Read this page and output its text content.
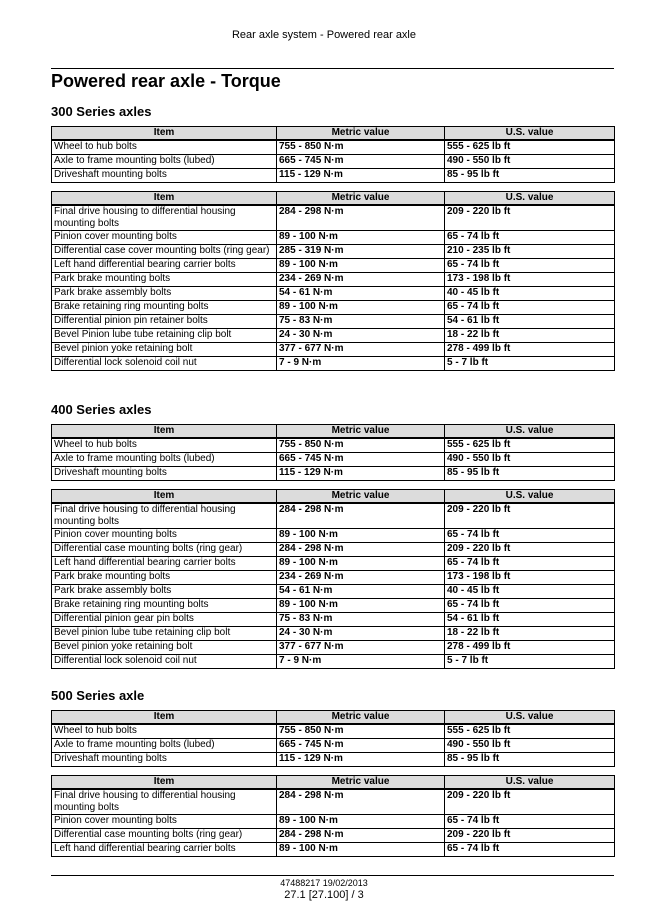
Rear axle system - Powered rear axle
Powered rear axle - Torque
300 Series axles
Item	Metric value	U.S. value
Wheel to hub bolts	755 - 850 N·m	555 - 625 lb ft
Axle to frame mounting bolts (lubed)	665 - 745 N·m	490 - 550 lb ft
Driveshaft mounting bolts	115 - 129 N·m	85 - 95 lb ft
Item	Metric value	U.S. value
Final drive housing to differential housing mounting bolts	284 - 298 N·m	209 - 220 lb ft
Pinion cover mounting bolts	89 - 100 N·m	65 - 74 lb ft
Differential case cover mounting bolts (ring gear)	285 - 319 N·m	210 - 235 lb ft
Left hand differential bearing carrier bolts	89 - 100 N·m	65 - 74 lb ft
Park brake mounting bolts	234 - 269 N·m	173 - 198 lb ft
Park brake assembly bolts	54 - 61 N·m	40 - 45 lb ft
Brake retaining ring mounting bolts	89 - 100 N·m	65 - 74 lb ft
Differential pinion pin retainer bolts	75 - 83 N·m	54 - 61 lb ft
Bevel Pinion lube tube retaining clip bolt	24 - 30 N·m	18 - 22 lb ft
Bevel pinion yoke retaining bolt	377 - 677 N·m	278 - 499 lb ft
Differential lock solenoid coil nut	7 - 9 N·m	5 - 7 lb ft
400 Series axles
Item	Metric value	U.S. value
Wheel to hub bolts	755 - 850 N·m	555 - 625 lb ft
Axle to frame mounting bolts (lubed)	665 - 745 N·m	490 - 550 lb ft
Driveshaft mounting bolts	115 - 129 N·m	85 - 95 lb ft
Item	Metric value	U.S. value
Final drive housing to differential housing mounting bolts	284 - 298 N·m	209 - 220 lb ft
Pinion cover mounting bolts	89 - 100 N·m	65 - 74 lb ft
Differential case mounting bolts (ring gear)	284 - 298 N·m	209 - 220 lb ft
Left hand differential bearing carrier bolts	89 - 100 N·m	65 - 74 lb ft
Park brake mounting bolts	234 - 269 N·m	173 - 198 lb ft
Park brake assembly bolts	54 - 61 N·m	40 - 45 lb ft
Brake retaining ring mounting bolts	89 - 100 N·m	65 - 74 lb ft
Differential pinion gear pin bolts	75 - 83 N·m	54 - 61 lb ft
Bevel pinion lube tube retaining clip bolt	24 - 30 N·m	18 - 22 lb ft
Bevel pinion yoke retaining bolt	377 - 677 N·m	278 - 499 lb ft
Differential lock solenoid coil nut	7 - 9 N·m	5 - 7 lb ft
500 Series axle
Item	Metric value	U.S. value
Wheel to hub bolts	755 - 850 N·m	555 - 625 lb ft
Axle to frame mounting bolts (lubed)	665 - 745 N·m	490 - 550 lb ft
Driveshaft mounting bolts	115 - 129 N·m	85 - 95 lb ft
Item	Metric value	U.S. value
Final drive housing to differential housing mounting bolts	284 - 298 N·m	209 - 220 lb ft
Pinion cover mounting bolts	89 - 100 N·m	65 - 74 lb ft
Differential case mounting bolts (ring gear)	284 - 298 N·m	209 - 220 lb ft
Left hand differential bearing carrier bolts	89 - 100 N·m	65 - 74 lb ft
47488217 19/02/2013
27.1 [27.100] / 3
